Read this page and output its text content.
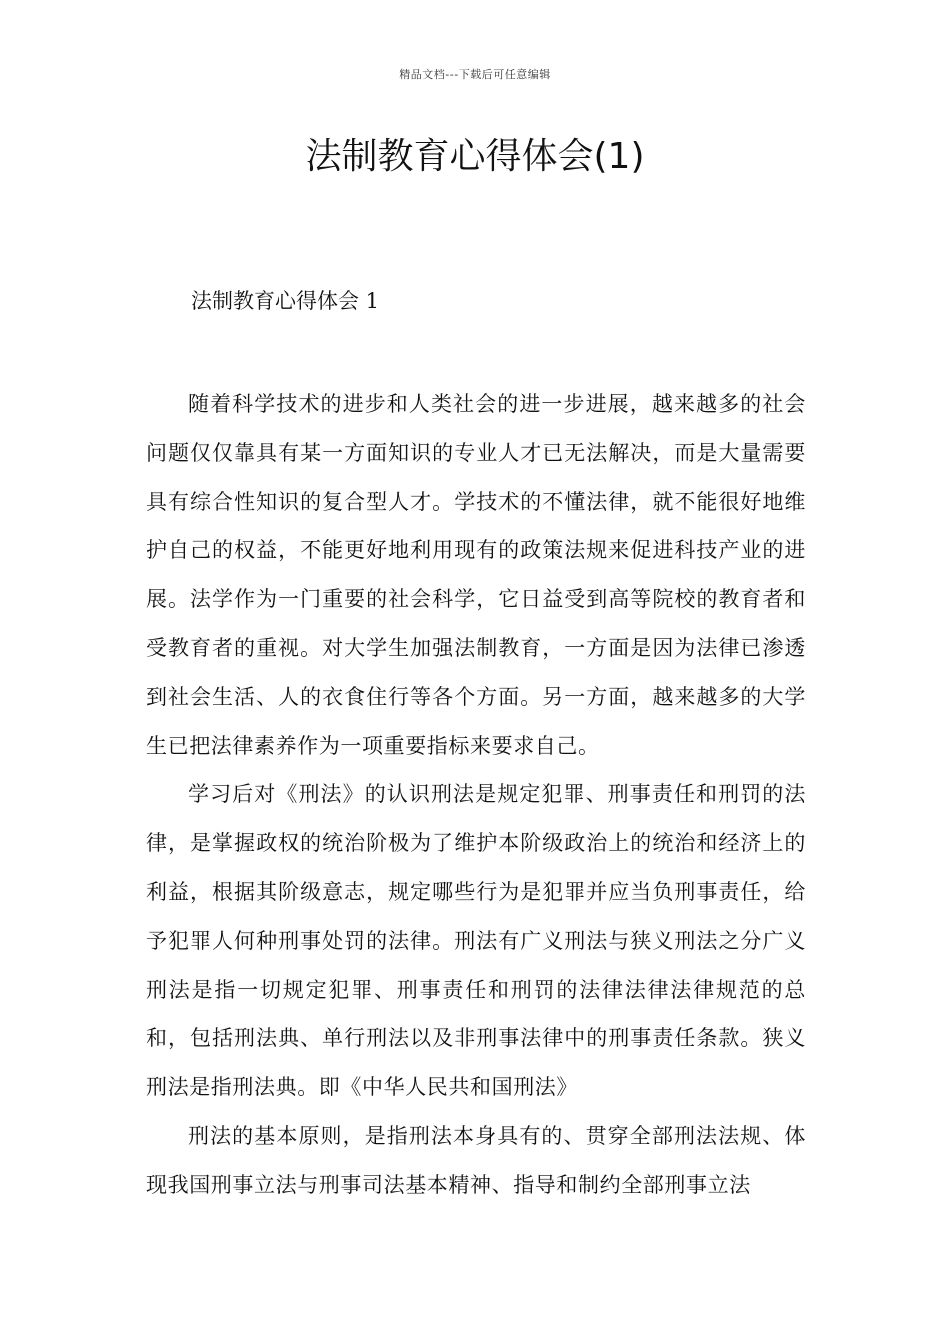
精品文档---下载后可任意编辑
法制教育心得体会(1)

法制教育心得体会 1

随着科学技术的进步和人类社会的进一步进展，越来越多的社会问题仅仅靠具有某一方面知识的专业人才已无法解决，而是大量需要具有综合性知识的复合型人才。学技术的不懂法律，就不能很好地维护自己的权益，不能更好地利用现有的政策法规来促进科技产业的进展。法学作为一门重要的社会科学，它日益受到高等院校的教育者和受教育者的重视。对大学生加强法制教育，一方面是因为法律已渗透到社会生活、人的衣食住行等各个方面。另一方面，越来越多的大学生已把法律素养作为一项重要指标来要求自己。

学习后对《刑法》的认识刑法是规定犯罪、刑事责任和刑罚的法律，是掌握政权的统治阶极为了维护本阶级政治上的统治和经济上的利益，根据其阶级意志，规定哪些行为是犯罪并应当负刑事责任，给予犯罪人何种刑事处罚的法律。刑法有广义刑法与狭义刑法之分广义刑法是指一切规定犯罪、刑事责任和刑罚的法律法律法律规范的总和，包括刑法典、单行刑法以及非刑事法律中的刑事责任条款。狭义刑法是指刑法典。即《中华人民共和国刑法》

刑法的基本原则，是指刑法本身具有的、贯穿全部刑法法规、体现我国刑事立法与刑事司法基本精神、指导和制约全部刑事立法
